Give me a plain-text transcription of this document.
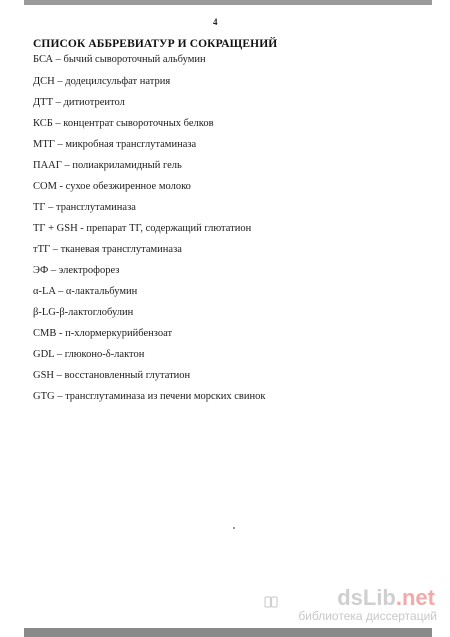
4
СПИСОК АББРЕВИАТУР И СОКРАЩЕНИЙ
БСА – бычий сывороточный альбумин
ДСН – додецилсульфат натрия
ДТТ – дитиотреитол
КСБ – концентрат сывороточных белков
МТГ – микробная трансглутаминаза
ПААГ – полиакриламидный гель
СОМ - сухое обезжиренное молоко
ТГ – трансглутаминаза
ТГ + GSH - препарат ТГ, содержащий глютатион
тТГ – тканевая трансглутаминаза
ЭФ – электрофорез
α-LA – α-лактальбумин
β-LG-β-лактоглобулин
CMB - п-хлормеркурийбензоат
GDL – глюконо-δ-лактон
GSH – восстановленный глутатион
GTG – трансглутаминаза из печени морских свинок
dsLib.net
библиотека диссертаций
